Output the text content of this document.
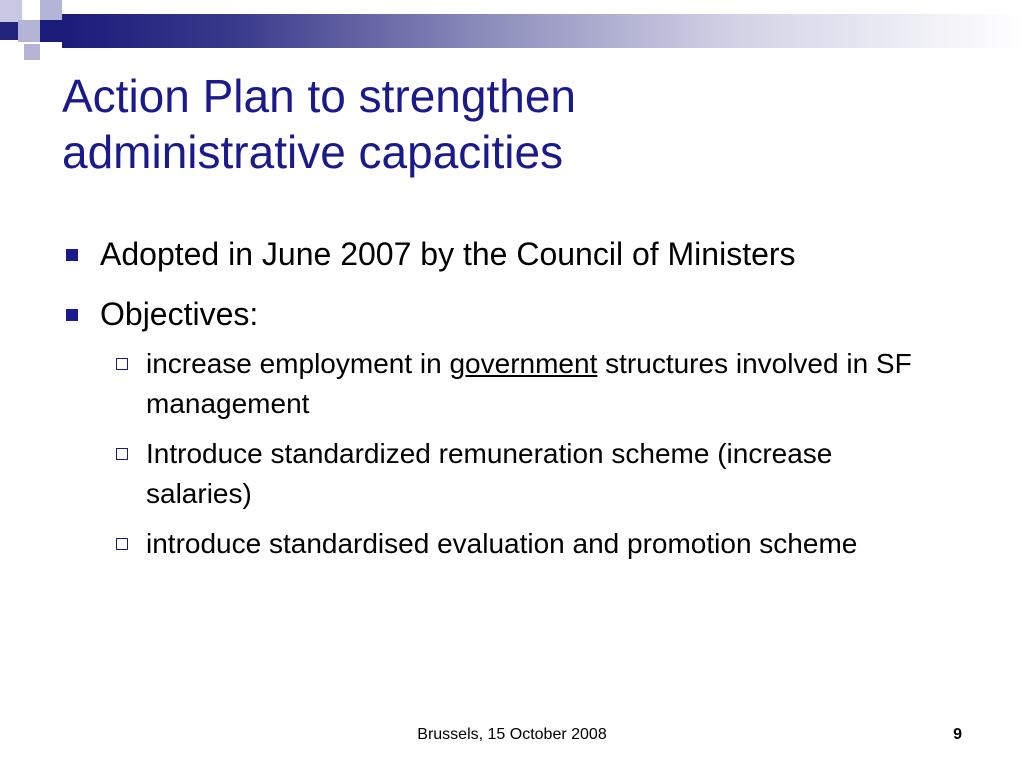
Action Plan to strengthen
administrative capacities
Adopted in June 2007 by the Council of Ministers
Objectives:
increase employment in government structures involved in SF management
Introduce standardized remuneration scheme (increase salaries)
introduce standardised evaluation and promotion scheme
Brussels, 15 October 2008	9
